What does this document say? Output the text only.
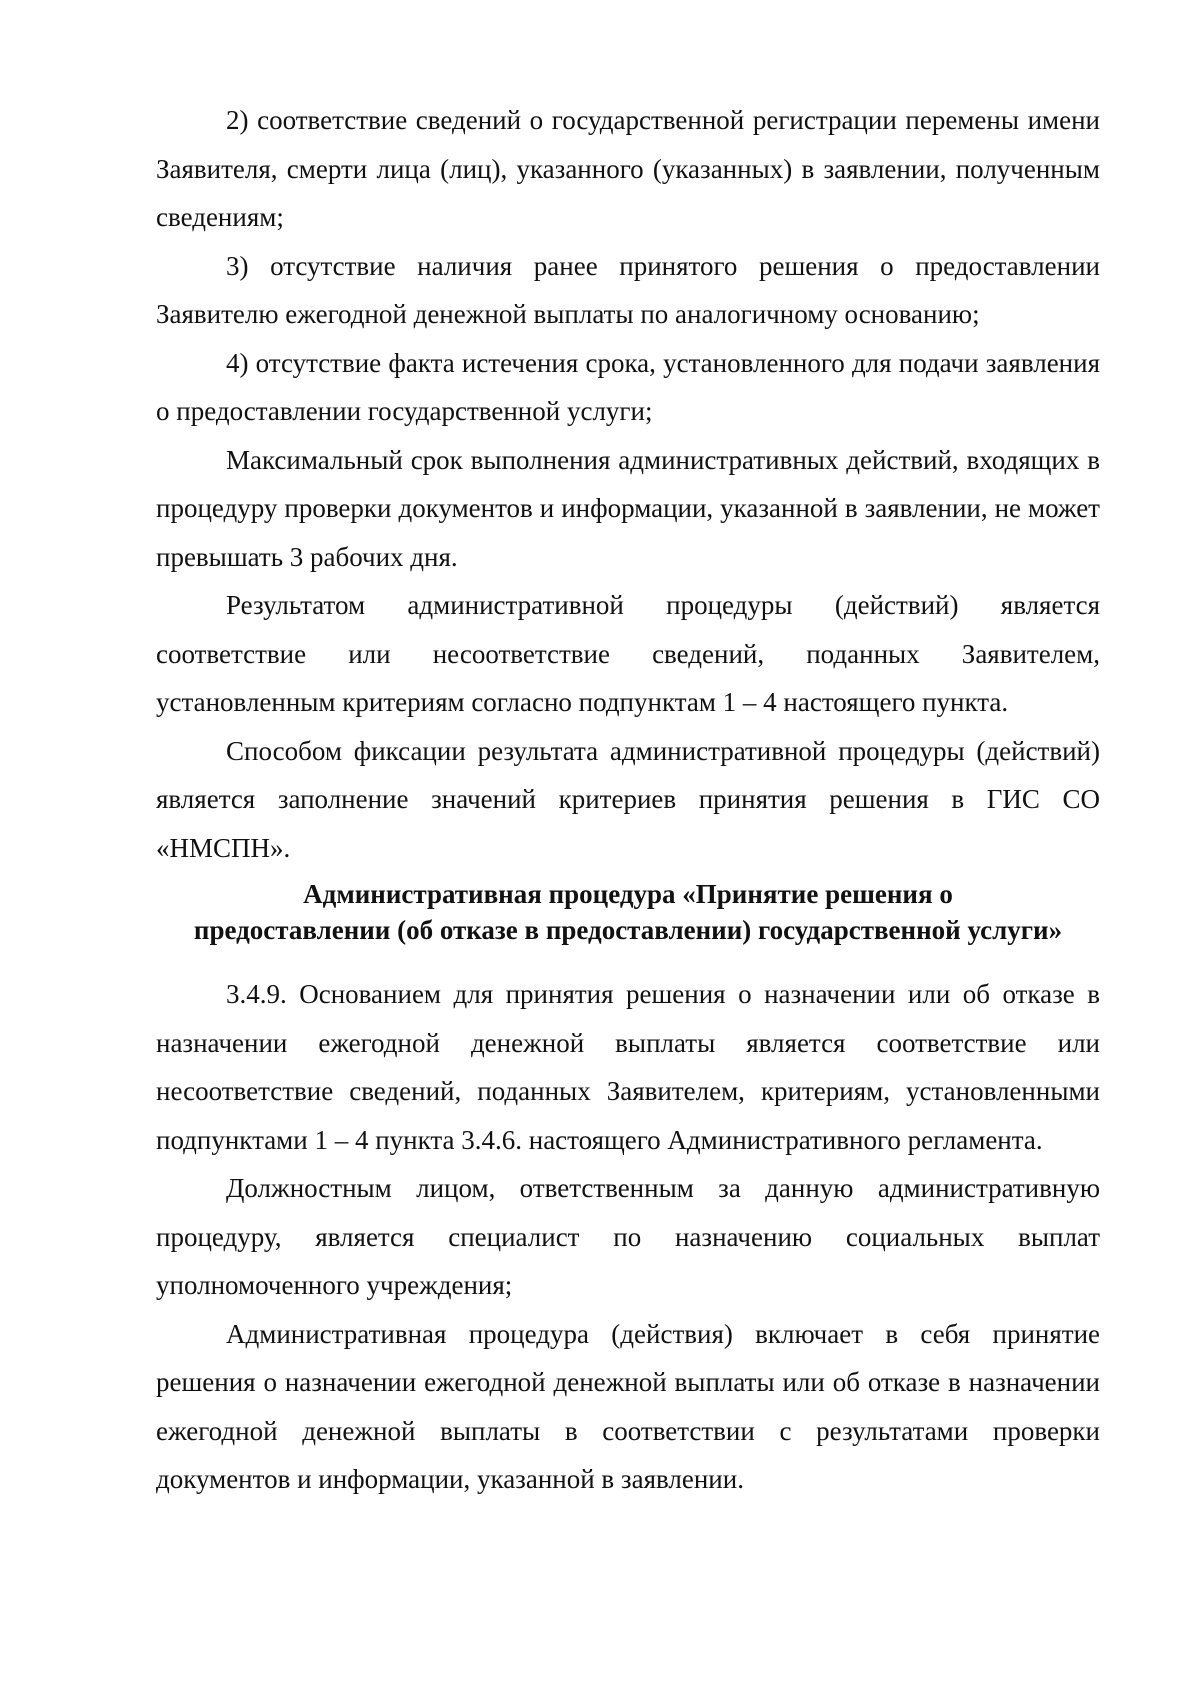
2) соответствие сведений о государственной регистрации перемены имени Заявителя, смерти лица (лиц), указанного (указанных) в заявлении, полученным сведениям;

3) отсутствие наличия ранее принятого решения о предоставлении Заявителю ежегодной денежной выплаты по аналогичному основанию;

4) отсутствие факта истечения срока, установленного для подачи заявления о предоставлении государственной услуги;

Максимальный срок выполнения административных действий, входящих в процедуру проверки документов и информации, указанной в заявлении, не может превышать 3 рабочих дня.

Результатом административной процедуры (действий) является соответствие или несоответствие сведений, поданных Заявителем, установленным критериям согласно подпунктам 1 – 4 настоящего пункта.

Способом фиксации результата административной процедуры (действий) является заполнение значений критериев принятия решения в ГИС СО «НМСПН».

Административная процедура «Принятие решения о
предоставлении (об отказе в предоставлении) государственной услуги»

3.4.9. Основанием для принятия решения о назначении или об отказе в назначении ежегодной денежной выплаты является соответствие или несоответствие сведений, поданных Заявителем, критериям, установленными подпунктами 1 – 4 пункта 3.4.6. настоящего Административного регламента.

Должностным лицом, ответственным за данную административную процедуру, является специалист по назначению социальных выплат уполномоченного учреждения;

Административная процедура (действия) включает в себя принятие решения о назначении ежегодной денежной выплаты или об отказе в назначении ежегодной денежной выплаты в соответствии с результатами проверки документов и информации, указанной в заявлении.
